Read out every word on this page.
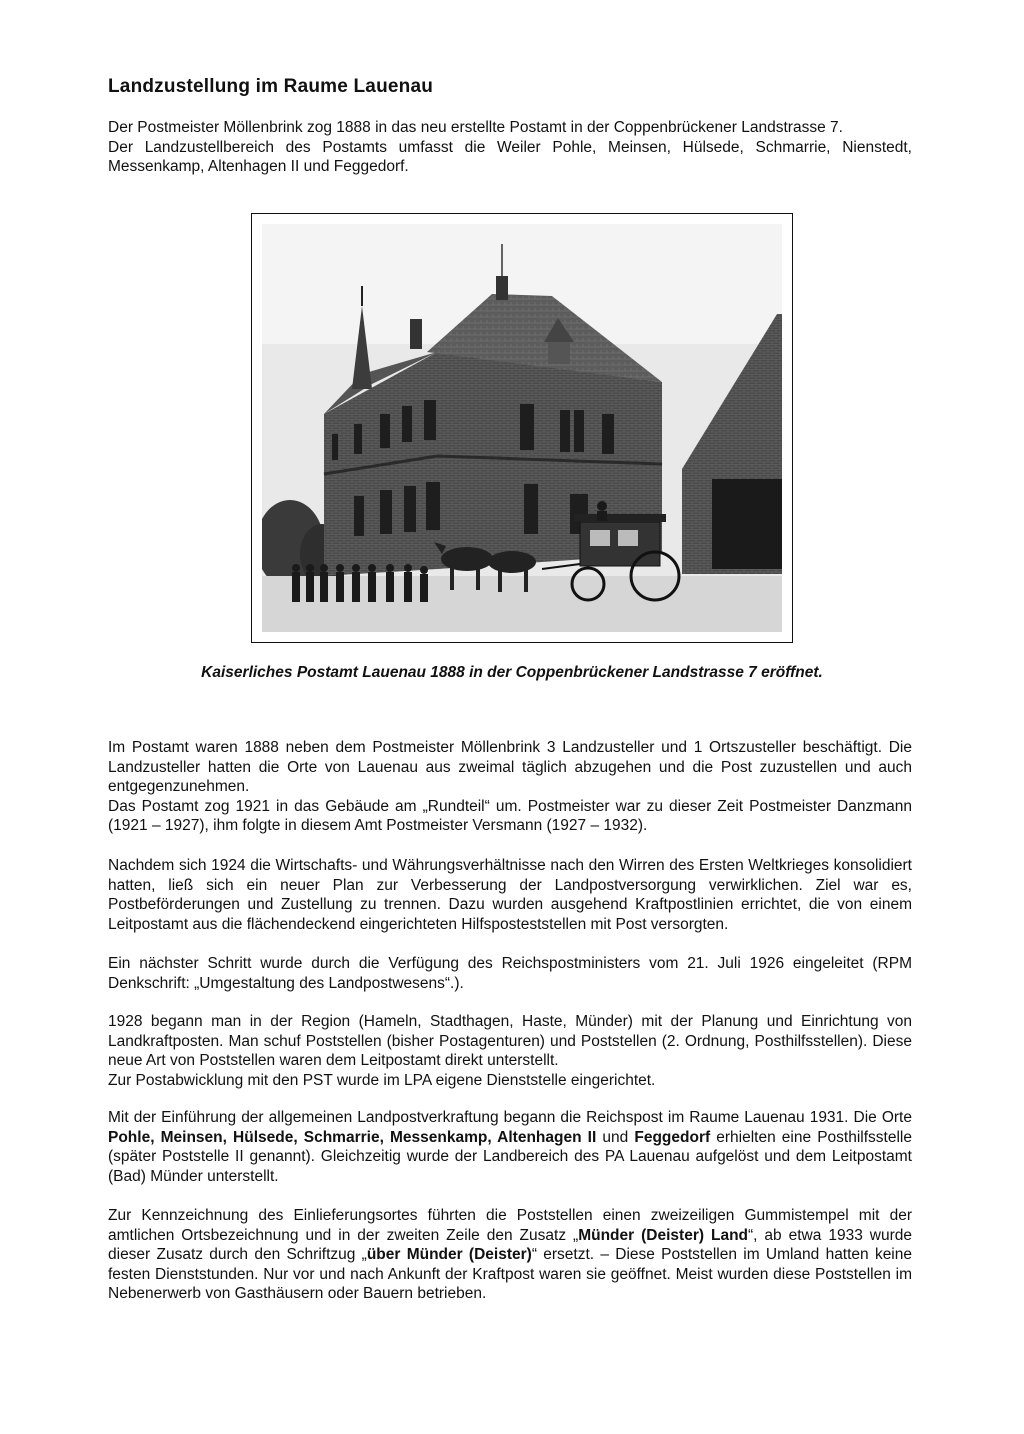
Landzustellung im Raume Lauenau

Der Postmeister Möllenbrink zog 1888 in das neu erstellte Postamt in der Coppenbrückener Landstrasse 7.

Der Landzustellbereich des Postamts umfasst die Weiler Pohle, Meinsen, Hülsede, Schmarrie, Nienstedt, Messenkamp, Altenhagen II und Feggedorf.

Kaiserliches Postamt Lauenau 1888 in der Coppenbrückener Landstrasse 7 eröffnet.

Im Postamt waren 1888 neben dem Postmeister Möllenbrink 3 Landzusteller und 1 Ortszusteller beschäftigt. Die Landzusteller hatten die Orte von Lauenau aus zweimal täglich abzugehen und die Post zuzustellen und auch entgegenzunehmen.

Das Postamt zog 1921 in das Gebäude am „Rundteil“ um. Postmeister war zu dieser Zeit Postmeister Danzmann (1921 – 1927), ihm folgte in diesem Amt Postmeister Versmann (1927 – 1932).

Nachdem sich 1924 die Wirtschafts- und Währungsverhältnisse nach den Wirren des Ersten Weltkrieges konsolidiert hatten, ließ sich ein neuer Plan zur Verbesserung der Landpostversorgung verwirklichen. Ziel war es, Postbeförderungen und Zustellung zu trennen. Dazu wurden ausgehend Kraftpostlinien errichtet, die von einem Leitpostamt aus die flächendeckend eingerichteten Hilfsposteststellen mit Post versorgten.

Ein nächster Schritt wurde durch die Verfügung des Reichspostministers vom 21. Juli 1926 eingeleitet (RPM Denkschrift: „Umgestaltung des Landpostwesens“.).

1928 begann man in der Region (Hameln, Stadthagen, Haste, Münder) mit der Planung und Einrichtung von Landkraftposten. Man schuf Poststellen (bisher Postagenturen) und Poststellen (2. Ordnung, Posthilfsstellen). Diese neue Art von Poststellen waren dem Leitpostamt direkt unterstellt.

Zur Postabwicklung mit den PST wurde im LPA eigene Dienststelle eingerichtet.

Mit der Einführung der allgemeinen Landpostverkraftung begann die Reichspost im Raume Lauenau 1931. Die Orte Pohle, Meinsen, Hülsede, Schmarrie, Messenkamp, Altenhagen II und Feggedorf erhielten eine Posthilfsstelle (später Poststelle II genannt). Gleichzeitig wurde der Landbereich des PA Lauenau aufgelöst und dem Leitpostamt (Bad) Münder unterstellt.

Zur Kennzeichnung des Einlieferungsortes führten die Poststellen einen zweizeiligen Gummistempel mit der amtlichen Ortsbezeichnung und in der zweiten Zeile den Zusatz „Münder (Deister) Land“, ab etwa 1933 wurde dieser Zusatz durch den Schriftzug „über Münder (Deister)“ ersetzt. – Diese Poststellen im Umland hatten keine festen Dienststunden. Nur vor und nach Ankunft der Kraftpost waren sie geöffnet. Meist wurden diese Poststellen im Nebenerwerb von Gasthäusern oder Bauern betrieben.
